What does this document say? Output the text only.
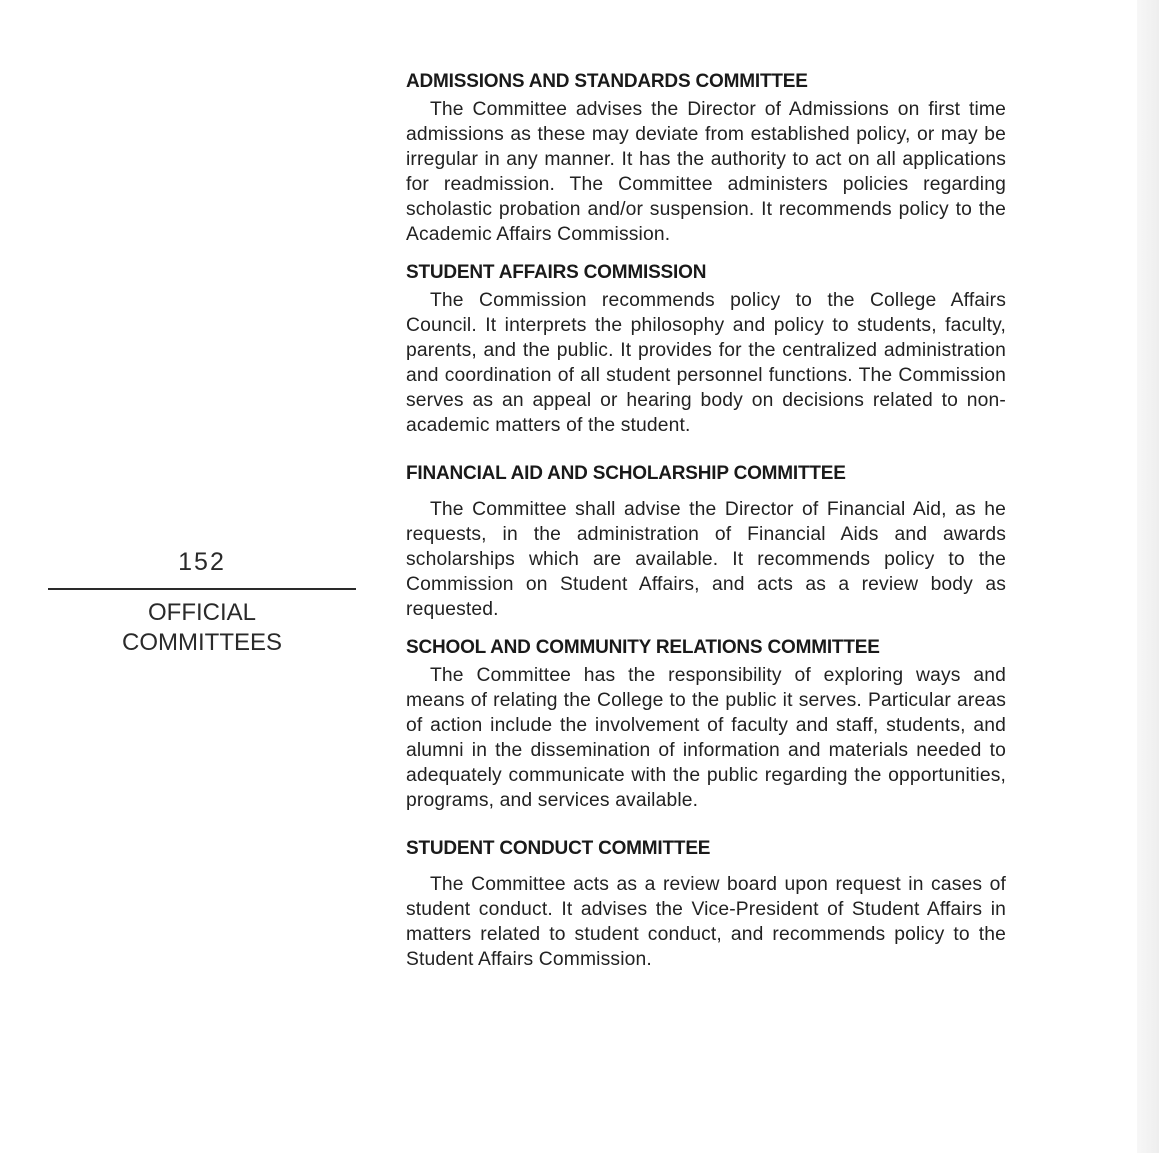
152
OFFICIAL
COMMITTEES
ADMISSIONS AND STANDARDS COMMITTEE

The Committee advises the Director of Admissions on first time admissions as these may deviate from established policy, or may be irregular in any manner. It has the authority to act on all applications for readmission. The Committee administers policies regarding scholastic probation and/or suspension. It recommends policy to the Academic Affairs Commission.

STUDENT AFFAIRS COMMISSION

The Commission recommends policy to the College Affairs Council. It interprets the philosophy and policy to students, faculty, parents, and the public. It provides for the centralized administration and coordination of all student personnel functions. The Commission serves as an appeal or hearing body on decisions related to non-academic matters of the student.

FINANCIAL AID AND SCHOLARSHIP COMMITTEE

The Committee shall advise the Director of Financial Aid, as he requests, in the administration of Financial Aids and awards scholarships which are available. It recommends policy to the Commission on Student Affairs, and acts as a review body as requested.

SCHOOL AND COMMUNITY RELATIONS COMMITTEE

The Committee has the responsibility of exploring ways and means of relating the College to the public it serves. Particular areas of action include the involvement of faculty and staff, students, and alumni in the dissemination of information and materials needed to adequately communicate with the public regarding the opportunities, programs, and services available.

STUDENT CONDUCT COMMITTEE

The Committee acts as a review board upon request in cases of student conduct. It advises the Vice-President of Student Affairs in matters related to student conduct, and recommends policy to the Student Affairs Commission.
